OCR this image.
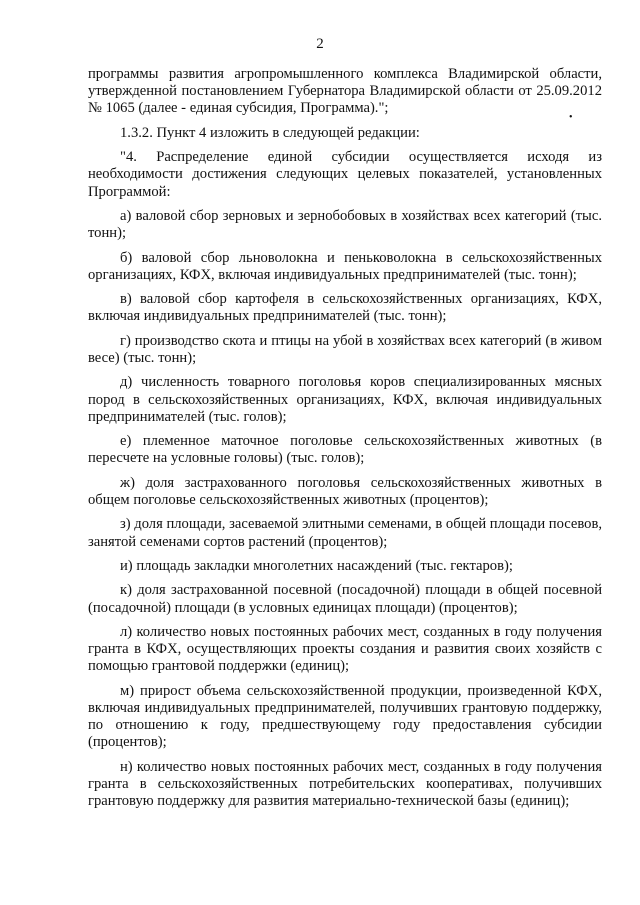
2
•

программы развития агропромышленного комплекса Владимирской области, утвержденной постановлением Губернатора Владимирской области от 25.09.2012 № 1065 (далее - единая субсидия, Программа).";

1.3.2. Пункт 4 изложить в следующей редакции:

"4. Распределение единой субсидии осуществляется исходя из необходимости достижения следующих целевых показателей, установленных Программой:

а) валовой сбор зерновых и зернобобовых в хозяйствах всех категорий (тыс. тонн);

б) валовой сбор льноволокна и пеньковолокна в сельскохозяйственных организациях, КФХ, включая индивидуальных предпринимателей (тыс. тонн);

в) валовой сбор картофеля в сельскохозяйственных организациях, КФХ, включая индивидуальных предпринимателей (тыс. тонн);

г) производство скота и птицы на убой в хозяйствах всех категорий (в живом весе) (тыс. тонн);

д) численность товарного поголовья коров специализированных мясных пород в сельскохозяйственных организациях, КФХ, включая индивидуальных предпринимателей (тыс. голов);

е) племенное маточное поголовье сельскохозяйственных животных (в пересчете на условные головы) (тыс. голов);

ж) доля застрахованного поголовья сельскохозяйственных животных в общем поголовье сельскохозяйственных животных (процентов);

з) доля площади, засеваемой элитными семенами, в общей площади посевов, занятой семенами сортов растений (процентов);

и) площадь закладки многолетних насаждений (тыс. гектаров);

к) доля застрахованной посевной (посадочной) площади в общей посевной (посадочной) площади (в условных единицах площади) (процентов);

л) количество новых постоянных рабочих мест, созданных в году получения гранта в КФХ, осуществляющих проекты создания и развития своих хозяйств с помощью грантовой поддержки (единиц);

м) прирост объема сельскохозяйственной продукции, произведенной КФХ, включая индивидуальных предпринимателей, получивших грантовую поддержку, по отношению к году, предшествующему году предоставления субсидии (процентов);

н) количество новых постоянных рабочих мест, созданных в году получения гранта в сельскохозяйственных потребительских кооперативах, получивших грантовую поддержку для развития материально-технической базы (единиц);
